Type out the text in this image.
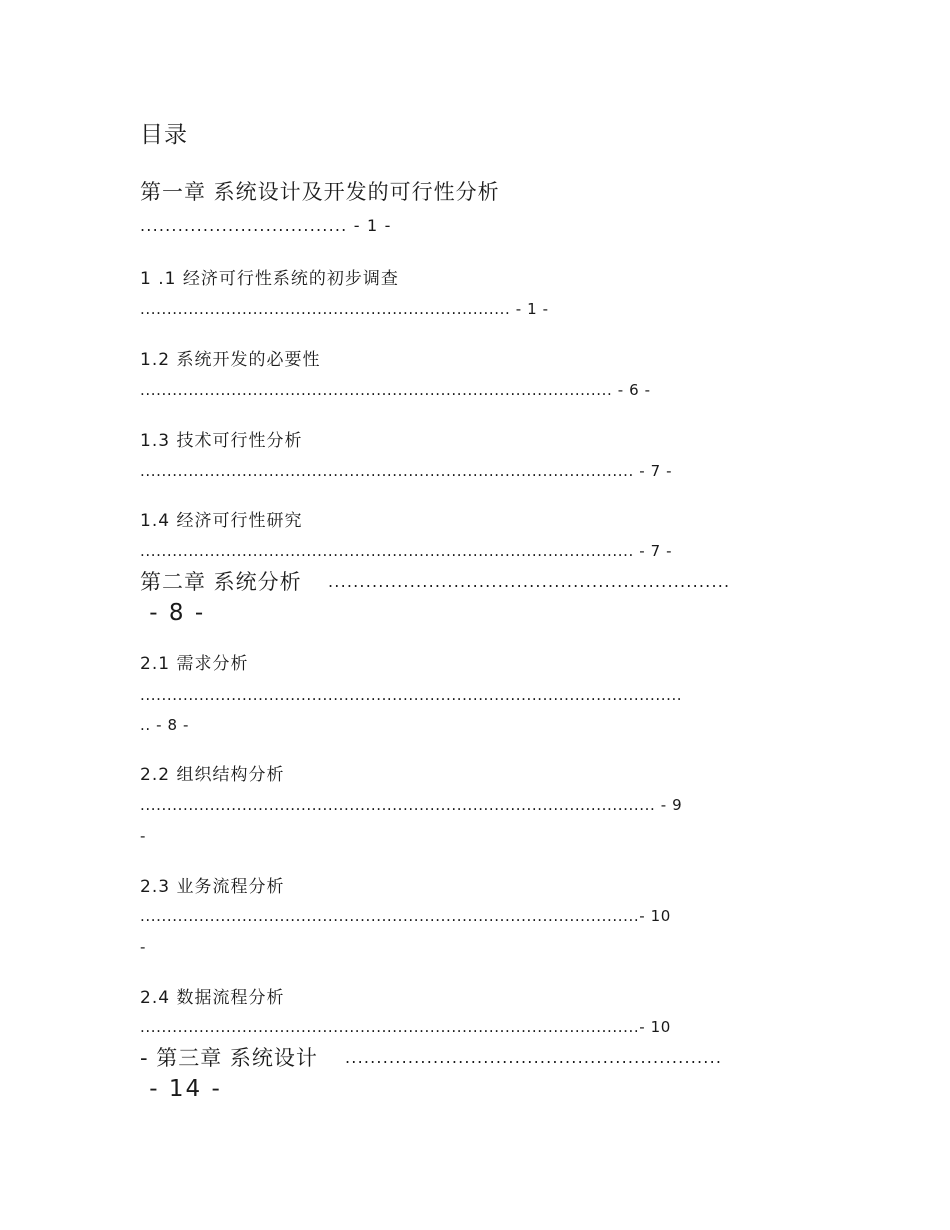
目录
第一章 系统设计及开发的可行性分析
................................. - 1 -
1 .1 经济可行性系统的初步调查
..................................................................... - 1 -
1.2 系统开发的必要性
........................................................................................ - 6 -
1.3 技术可行性分析
............................................................................................ - 7 -
1.4 经济可行性研究
............................................................................................ - 7 -
第二章 系统分析 ................................................................
- 8 -
2.1 需求分析
.....................................................................................................
.. - 8 -
2.2 组织结构分析
................................................................................................ - 9
-
2.3 业务流程分析
.............................................................................................- 10
-
2.4 数据流程分析
.............................................................................................- 10
- 第三章 系统设计 ............................................................
- 14 -
